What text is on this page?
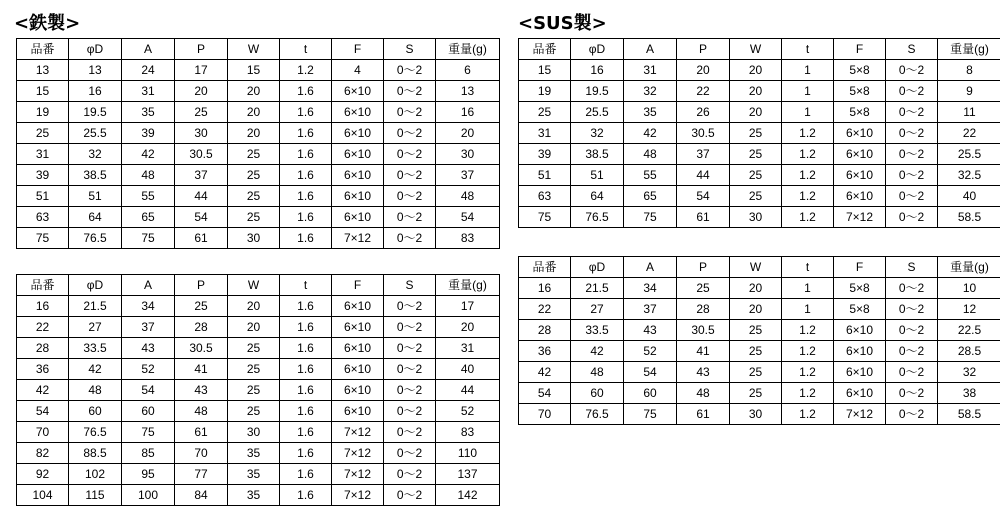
<鉄製>	<SUS製>
品番	φD	A	P	W	t	F	S	重量(g)
13	13	24	17	15	1.2	4	0～2	6
15	16	31	20	20	1.6	6×10	0～2	13
19	19.5	35	25	20	1.6	6×10	0～2	16
25	25.5	39	30	20	1.6	6×10	0～2	20
31	32	42	30.5	25	1.6	6×10	0～2	30
39	38.5	48	37	25	1.6	6×10	0～2	37
51	51	55	44	25	1.6	6×10	0～2	48
63	64	65	54	25	1.6	6×10	0～2	54
75	76.5	75	61	30	1.6	7×12	0～2	83
品番	φD	A	P	W	t	F	S	重量(g)
16	21.5	34	25	20	1.6	6×10	0～2	17
22	27	37	28	20	1.6	6×10	0～2	20
28	33.5	43	30.5	25	1.6	6×10	0～2	31
36	42	52	41	25	1.6	6×10	0～2	40
42	48	54	43	25	1.6	6×10	0～2	44
54	60	60	48	25	1.6	6×10	0～2	52
70	76.5	75	61	30	1.6	7×12	0～2	83
82	88.5	85	70	35	1.6	7×12	0～2	110
92	102	95	77	35	1.6	7×12	0～2	137
104	115	100	84	35	1.6	7×12	0～2	142
品番	φD	A	P	W	t	F	S	重量(g)
15	16	31	20	20	1	5×8	0～2	8
19	19.5	32	22	20	1	5×8	0～2	9
25	25.5	35	26	20	1	5×8	0～2	11
31	32	42	30.5	25	1.2	6×10	0～2	22
39	38.5	48	37	25	1.2	6×10	0～2	25.5
51	51	55	44	25	1.2	6×10	0～2	32.5
63	64	65	54	25	1.2	6×10	0～2	40
75	76.5	75	61	30	1.2	7×12	0～2	58.5
品番	φD	A	P	W	t	F	S	重量(g)
16	21.5	34	25	20	1	5×8	0～2	10
22	27	37	28	20	1	5×8	0～2	12
28	33.5	43	30.5	25	1.2	6×10	0～2	22.5
36	42	52	41	25	1.2	6×10	0～2	28.5
42	48	54	43	25	1.2	6×10	0～2	32
54	60	60	48	25	1.2	6×10	0～2	38
70	76.5	75	61	30	1.2	7×12	0～2	58.5
